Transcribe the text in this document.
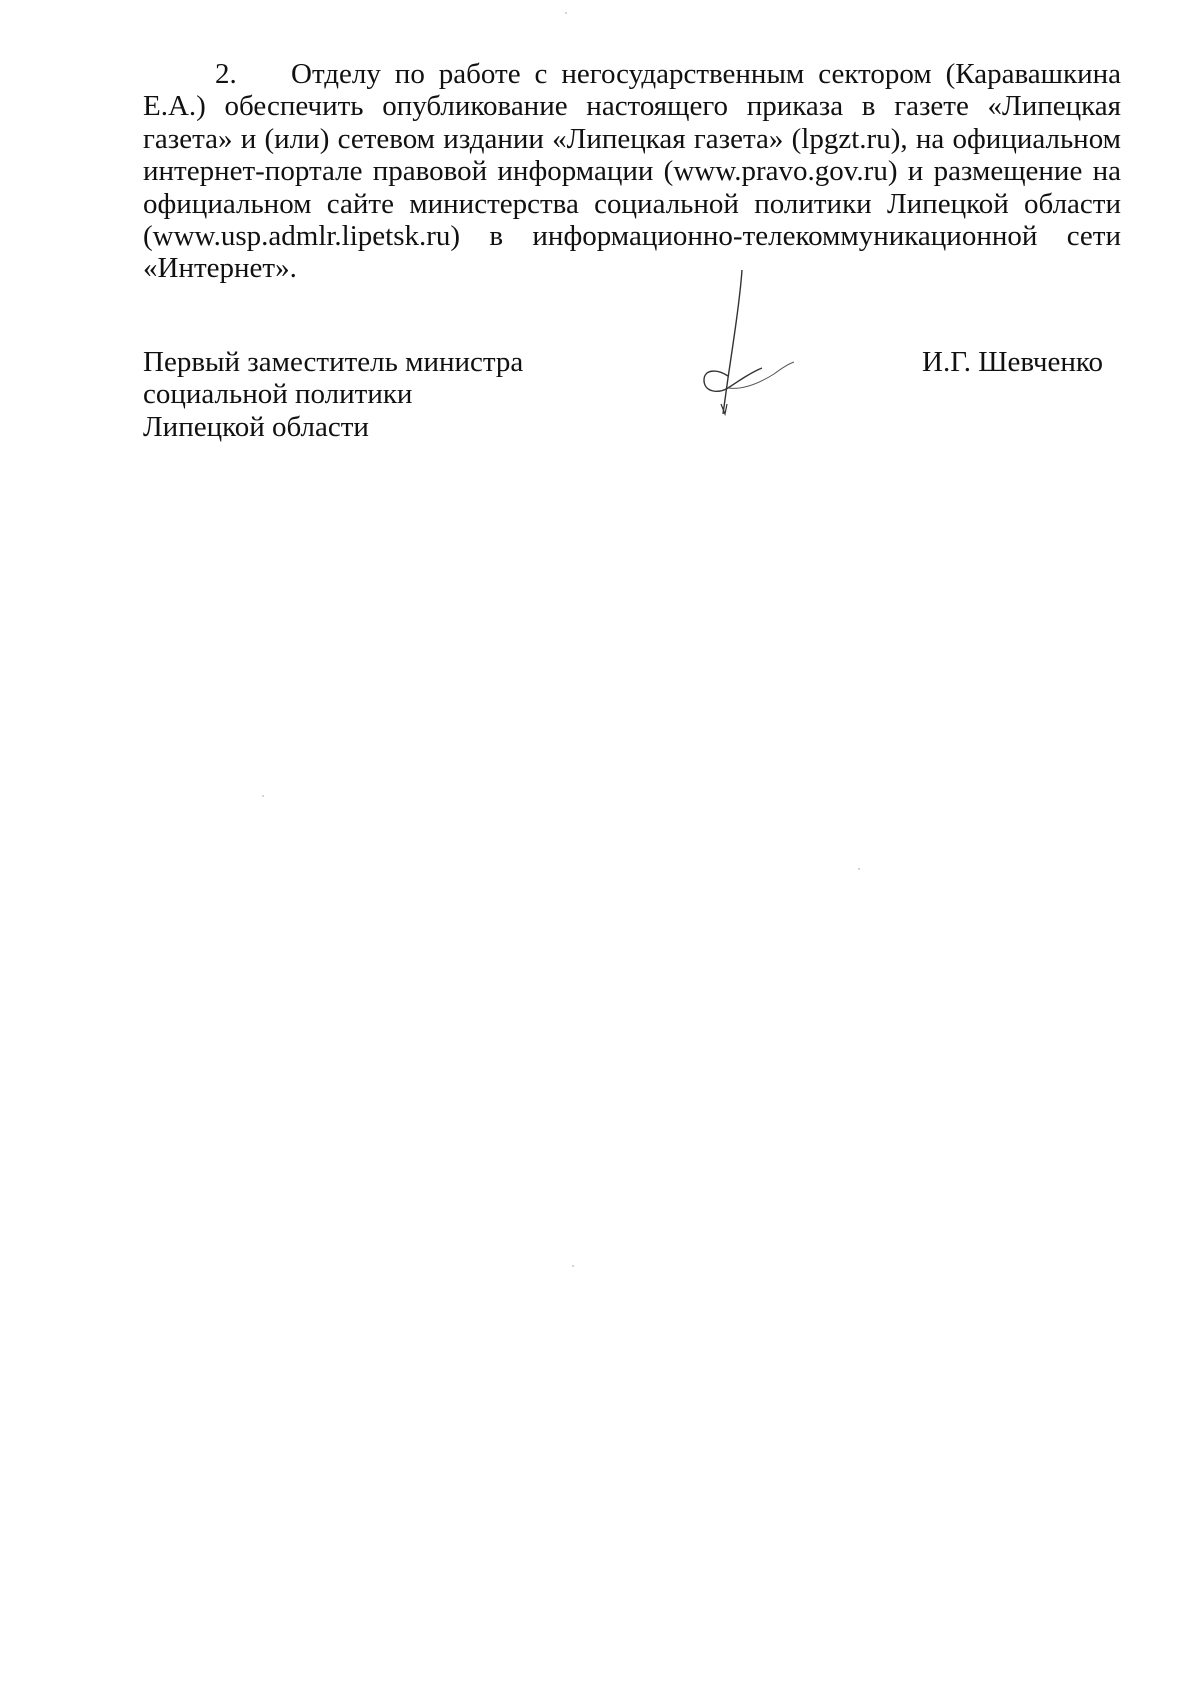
2. Отделу по работе с негосударственным сектором (Каравашкина Е.А.) обеспечить опубликование настоящего приказа в газете «Липецкая газета» и (или) сетевом издании «Липецкая газета» (lpgzt.ru), на официальном интернет-портале правовой информации (www.pravo.gov.ru) и размещение на официальном сайте министерства социальной политики Липецкой области (www.usp.admlr.lipetsk.ru) в информационно-телекоммуникационной сети «Интернет».

Первый заместитель министра
социальной политики
Липецкой области
И.Г. Шевченко
